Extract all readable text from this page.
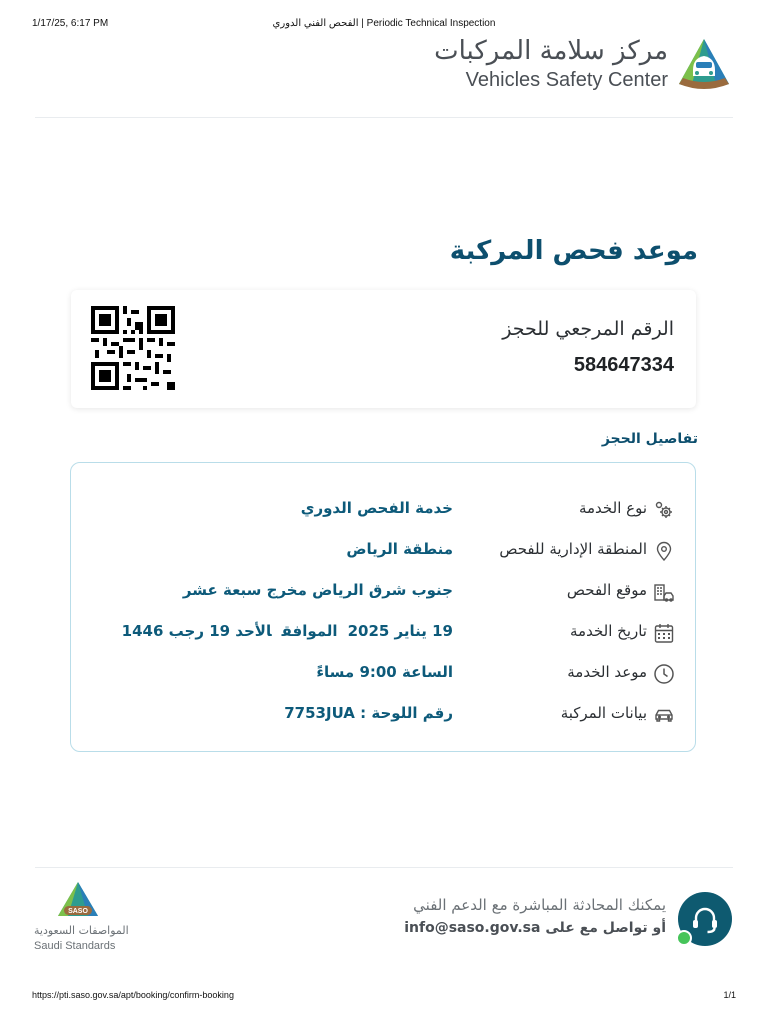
1/17/25, 6:17 PM	الفحص الفني الدوري | Periodic Technical Inspection
مركز سلامة المركبات
Vehicles Safety Center
موعد فحص المركبة
الرقم المرجعي للحجز
584647334
تفاصيل الحجز
نوع الخدمة
خدمة الفحص الدوري
المنطقة الإدارية للفحص
منطقة الرياض
موقع الفحص
جنوب شرق الرياض مخرج سبعة عشر
تاريخ الخدمة
19 يناير 2025الموافقالأحد 19 رجب 1446
موعد الخدمة
الساعة 9:00 مساءً
بيانات المركبة
رقم اللوحة : 7753JUA
يمكنك المحادثة المباشرة مع الدعم الفني
أو تواصل مع على info@saso.gov.sa
SASO
المواصفات السعودية
Saudi Standards
https://pti.saso.gov.sa/apt/booking/confirm-booking	1/1
